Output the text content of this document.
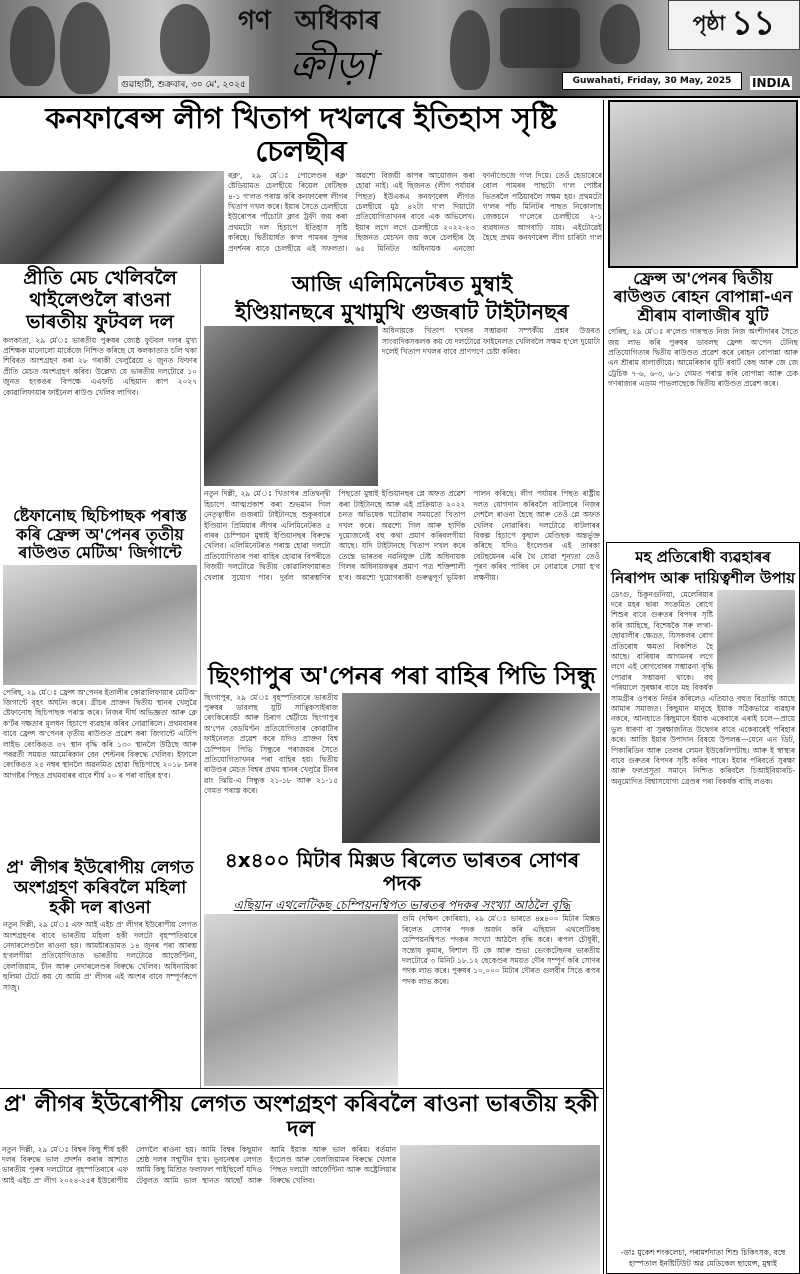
গণ অধিকাৰ
ক্ৰীড়া
গুৱাহাটী, শুক্ৰবাৰ, ৩০ মে', ২০২৫
পৃষ্ঠা ১১
Guwahati, Friday, 30 May, 2025	INDIA
কনফাৰেন্স লীগ খিতাপ দখলৰে ইতিহাস সৃষ্টি চেলছীৰ
ৰক্ল', ২৯ মে'ঃ পোলেণ্ডৰ ৰক্ল' ষ্টেডিয়ামত চেলছীয়ে ৰিয়েল বেটিছক ৪-১ গ'লত পৰাস্ত কৰি কনফাৰেন্স লীগৰ খিতাপ দখল কৰে। ইয়াৰ সৈতে চেলছীয়ে ইউৰোপৰ পাঁচোটা ক্লাব ট্ৰফী জয় কৰা প্ৰথমটো দল হিচাপে ইতিহাস সৃষ্টি কৰিছে। দ্বিতীয়াৰ্ধত ক'ল পামৰৰ সুন্দৰ প্ৰদৰ্শনৰ বাবে চেলছীয়ে এই সফলতা। অৱশ্যে বিজয়ী কাপৰ আয়োজন কৰা হোৱা নাই। এই ছিজনত (লীগ পৰ্যায়ৰ পিছত) ইউএকএ কনফাৰেন্স লীগত চেলছীয়ে মুঠ ৪২টা গ'ল দিয়াটো প্ৰতিযোগিতাখনৰ বাবে এক অভিলেখ। ইয়াৰ লগে লগে চেলছীয়ে ২০২২-২৩ ছিজনত মেচখন জয় কৰে চেলছীৰ হৈ ৬৫ মিনিটত অধিনায়ক এনজো ফাৰ্নাণ্ডেজে গ'ল দিয়ে। তেওঁ হেডাৰেৰে বোল পামৰৰ পাছটো গ'ল পোষ্টৰ ভিতৰলৈ পঠিয়াবলৈ সক্ষম হয়। প্ৰথমটো গ'লৰ পাঁচ মিনিটৰ পাছত নিকোলাছ জেকচনে গ'লেৰে চেলছীয়ে ২-১ ব্যৱধানত আগবাঢ়ি যায়। এইটোৱেই হৈছে প্ৰথম কনফাৰেন্স লীগ চাৰিটা গ'ল
প্ৰীতি মেচ খেলিবলৈ থাইলেণ্ডলৈ ৰাওনা ভাৰতীয় ফুটবল দল
কলকাতা, ২৯ মে'ঃ ভাৰতীয় পুৰুষৰ জ্যেষ্ঠ ফুটবল দলৰ মুখ্য প্ৰশিক্ষক মানোলো মাৰ্কেজে নিশ্চিত কৰিছে যে কলকাতাত চলি থকা শিবিৰত অংশগ্ৰহণ কৰা ২৮ গৰাকী খেলুৱৈয়ে ৪ জুনত ফিফাৰ প্ৰীতি মেচত অংশগ্ৰহণ কৰিব। উল্লেখ্য যে ভাৰতীয় দলটোৱে ১০ জুনত হংকঙৰ বিপক্ষে এএফচি এছিয়ান কাপ ২০২৭ কোৱালিফায়াৰ ফাইনেল ৰাউণ্ড খেলিব লাগিব।
ষ্টেফানোছ ছিচিপাছক পৰাস্ত কৰি ফ্ৰেন্স অ'পেনৰ তৃতীয় ৰাউণ্ডত মেটিঅ' জিগান্টে
পেৰিছ, ২৯ মে'ঃ ফ্ৰেন্স অ'পেনৰ ইতালীৰ কোৱালিফায়াৰ মেটিঅ' জিগান্টে বৃহৎ অঘটন কৰে। গ্ৰীচৰ প্ৰাক্তন দ্বিতীয় স্থানৰ খেলুৱৈ ষ্টেফানোছ ছিচিপাছক পৰাস্ত কৰে। নিজৰ দীৰ্ঘ অভিজ্ঞতা আৰু ক্লে ক'ৰ্টৰ দক্ষতাৰ মূলধন হিচাপে ব্যৱহাৰ কৰিব নোৱাৰিলে। প্ৰথমবাৰৰ বাবে ফ্ৰেন্স অ'পেনৰ তৃতীয় ৰাউণ্ডত প্ৰৱেশ কৰা জিগান্টে এটিপি লাইভ ৰেংকিঙত ৩৭ স্থান বৃদ্ধি কৰি ১৩০ স্থানলৈ উঠিছে আৰু পৰৱৰ্তী সময়ত আমেৰিকান বেন শেল্টনৰ বিৰুদ্ধে খেলিব। ইফালে ৰেংকিঙত ২৫ নম্বৰ স্থানলৈ অৱনমিত হোৱা ছিচিপাছে ২০১৮ চনৰ আগষ্টৰ পিছত প্ৰথমবাৰৰ বাবে শীৰ্ষ ২০ ৰ পৰা বাহিৰ হ'ব।
প্ৰ' লীগৰ ইউৰোপীয় লেগত অংশগ্ৰহণ কৰিবলৈ মহিলা হকী দল ৰাওনা
নতুন দিল্লী, ২৯ মে'ঃ এফ আই এইচ প্ৰ' লীগৰ ইউৰোপীয় লেগত অংশগ্ৰহণৰ বাবে ভাৰতীয় মহিলা হকী দলটো বৃহস্পতিবাৰে নেদাৰলেণ্ডলৈ ৰাওনা হয়। আমষ্টাৰডামত ১৪ জুনৰ পৰা আৰম্ভ হ'বলগীয়া প্ৰতিযোগিতাত ভাৰতীয় দলটোৱে আৰ্জেণ্টিনা, বেলজিয়াম, চীন আৰু নেদাৰলেণ্ডৰ বিৰুদ্ধে খেলিব। অধিনায়িকা ছলিমা টেটে কয় যে আমি প্ৰ' লীগৰ এই অংশৰ বাবে সম্পূৰ্ণৰূপে সাজু।
আজি এলিমিনেটৰত মুম্বাই
ইণ্ডিয়ানছৰে মুখামুখি গুজৰাট টাইটানছৰ
অধিনায়কে খিতাপ দখলৰ সম্ভাৱনা সম্পৰ্কীয় প্ৰশ্নৰ উত্তৰত সাংবাদিকসকলক কয় যে দলটোৱে ফাইনেলত খেলিবলৈ সক্ষম হ'লে দুয়োটা দলেই খিতাপ দখলৰ বাবে প্ৰাণপণে চেষ্টা কৰিব।
নতুন দিল্লী, ২৯ মে'ঃ খিতাপৰ প্ৰতিদ্বন্দ্বী হিচাপে আত্মপ্ৰকাশ কৰা শুভমান গিল নেতৃত্বাধীন গুজৰাট টাইটানছে শুকুৰবাৰে ইণ্ডিয়ান প্ৰিমিয়াৰ লীগৰ এলিমিনেটৰত ৫ বাৰৰ চেম্পিয়ন মুম্বাই ইণ্ডিয়ানছৰ বিৰুদ্ধে খেলিব। এলিমিনেটৰত পৰাস্ত হোৱা দলটো প্ৰতিযোগিতাৰ পৰা বাহিৰ হোৱাৰ বিপৰীতে বিজয়ী দলটোৱে দ্বিতীয় কোৱালিফায়াৰত খেলাৰ সুযোগ পাব। দুৰ্বল আৰম্ভণিৰ পিছতো মুম্বাই ইণ্ডিয়ানছৰ প্লে অফত প্ৰৱেশ কৰা টাইটানছে আৰু এই প্ৰক্ৰিয়াত ২০২২ চনত অভিষেক ঘটোৱাৰ সময়তো খিতাপ দখল কৰে। অৱশ্যে গিল আৰু হাৰ্দিক দুয়োজনেই বহু কথা প্ৰমাণ কৰিবলগীয়া আছে। যদি টাইটানছে খিতাপ দখল কৰে তেন্তে ভাৰতৰ নৱনিযুক্ত টেষ্ট অধিনায়ক গিলৰ অধিনায়কত্বৰ প্ৰমাণ পত্ৰ শক্তিশালী হ'ব। অৱশ্যে দুয়োগৰাকী গুৰুত্বপূৰ্ণ ভূমিকা পালন কৰিছে। লীগ পৰ্যায়ৰ পিছত ৰাষ্ট্ৰীয় দলত যোগদান কৰিবলৈ বাটলাৰে নিজৰ দেশলৈ ৰাওনা হৈছে আৰু তেওঁ প্লে অফত খেলিব নোৱাৰিব। দলটোৱে বাটলাৰৰ বিকল্প হিচাপে কুছাল মেণ্ডিছক অন্তৰ্ভুক্ত কৰিছে যদিও ইংলেণ্ডৰ এই তাৰকা বেটছমেনৰ এৰি থৈ যোৱা শূন্যতা তেওঁ পূৰণ কৰিব পাৰিব নে নোৱাৰে সেয়া হ'ব লক্ষণীয়।
ছিংগাপুৰ অ'পেনৰ পৰা বাহিৰ পিভি সিন্ধু
ছিংগাপুৰ, ২৯ মে'ঃ বৃহস্পতিবাৰে ভাৰতীয় পুৰুষৰ ডাবলছ যুটি সাত্বিকসাইৰাজ ৰেংকিৰেড্ডী আৰু চিৰাগ শ্বেট্টীয়ে ছিংগাপুৰ অ'পেন বেডমিণ্টন প্ৰতিযোগিতাৰ কোৱাৰ্টাৰ ফাইনেলত প্ৰৱেশ কৰে যদিও প্ৰাক্তন বিশ্ব চেম্পিয়ন পিভি সিন্ধুৰে পৰাজয়ৰ সৈতে প্ৰতিযোগিতাখনৰ পৰা বাহিৰ হয়। দ্বিতীয় ৰাউণ্ডৰ মেচত বিশ্বৰ প্ৰথম স্থানৰ খেলুৱৈ চীনৰ ৱাং ঝিয়ি-এ সিন্ধুক ২১-১৮ আৰু ২১-১৫ গেমত পৰাস্ত কৰে।
৪x৪০০ মিটাৰ মিক্সড ৰিলেত ভাৰতৰ সোণৰ পদক
এছিয়ান এথলেটিকছ চেম্পিয়নশ্বিপত ভাৰতৰ পদকৰ সংখ্যা আঠলৈ বৃদ্ধি
গুমি (দক্ষিণ কোৰিয়া), ২৯ মে'ঃ ভাৰতে ৪x৪০০ মিটাৰ মিক্সড ৰিলেত সোণৰ পদক অৰ্জন কৰি এছিয়ান এথলেটিকছ চেম্পিয়নশ্বিপত পদকৰ সংখ্যা আঠলৈ বৃদ্ধি কৰে। ৰূপল চৌধুৰী, সন্তোষ কুমাৰ, বিশাল টি কে আৰু শুভা ভেংকটেছনৰ ভাৰতীয় দলটোৱে ৩ মিনিট ১৮.১২ ছেকেণ্ডৰ সময়ত দৌৰ সম্পূৰ্ণ কৰি সোণৰ পদক লাভ কৰে। পুৰুষৰ ১০,০০০ মিটাৰ দৌৰত গুলবীৰ সিঙে ৰূপৰ পদক লাভ কৰে।
প্ৰ' লীগৰ ইউৰোপীয় লেগত অংশগ্ৰহণ কৰিবলৈ ৰাওনা ভাৰতীয় হকী দল
নতুন দিল্লী, ২৯ মে'ঃ বিশ্বৰ কিছু শীৰ্ষ হকী দলৰ বিৰুদ্ধে ভাল প্ৰদৰ্শন কৰাৰ আশাত ভাৰতীয় পুৰুষ দলটোৱে বৃহস্পতিবাৰে এফ আই এইচ প্ৰ' লীগ ২০২৪-২৫ৰ ইউৰোপীয় লেগলৈ ৰাওনা হয়। আমি বিশ্বৰ কিছুমান শ্ৰেষ্ঠ দলৰ সন্মুখীন হ'ম। ভুবনেশ্বৰ লেগত আমি কিছু মিশ্ৰিত ফলাফল পাইছিলোঁ যদিও টেবুলত আমি ভাল স্থানত আছোঁ আৰু আমি ইয়াক আৰু ভাল কৰিম। বৰ্তমান ইংলেণ্ড আৰু বেলজিয়ামৰ বিৰুদ্ধে খেলাৰ পিছত দলটো আৰ্জেণ্টিনা আৰু অষ্ট্ৰেলিয়াৰ বিৰুদ্ধে খেলিব।
ফ্ৰেন্স অ'পেনৰ দ্বিতীয় ৰাউণ্ডত ৰোহন বোপান্না-এন শ্ৰীৰাম বালাজীৰ যুটি
পেৰিছ, ২৯ মে'ঃ ৰ'লেণ্ড গাৰ'ছত নিজ নিজ অংশীদাৰৰ সৈতে জয় লাভ কৰি পুৰুষৰ ডাবলছ ফ্ৰেন্স অ'পেন টেনিছ প্ৰতিযোগিতাৰ দ্বিতীয় ৰাউণ্ডত প্ৰৱেশ কৰে ৰোহন বোপান্না আৰু এন শ্ৰীৰাম বালাজীয়ে। আমেৰিকাৰ যুটি ৰবাৰ্ট কেছ আৰু জে জে ট্ৰেচিক ৭-৬, ৬-৩, ৬-১ গেমত পৰাস্ত কৰি বোপান্না আৰু চেক গণৰাজ্যৰ এডাম পাভলাছেকে দ্বিতীয় ৰাউণ্ডত প্ৰৱেশ কৰে।
মহ প্ৰতিৰোধী ব্যৱহাৰৰ
নিৰাপদ আৰু দায়িত্বশীল উপায়
ডেংগু, চিকুনগুনিয়া, মেলেৰিয়াৰ দৰে মহৰ দ্বাৰা সংক্ৰমিত ৰোগে শিশুৰ বাবে গুৰুতৰ বিপদৰ সৃষ্টি কৰি আহিছে, বিশেষকৈ সৰু ল'ৰা-ছোৱালীৰ ক্ষেত্ৰত, যিসকলৰ ৰোগ প্ৰতিৰোধ ক্ষমতা বিকশিত হৈ আছে। বাৰিষাৰ আগমনৰ লগে লগে এই ৰোগবোৰৰ সম্ভাৱনা বৃদ্ধি পোৱাৰ সম্ভাৱনা থাকে। বহু পৰিয়ালে সুৰক্ষাৰ বাবে মহ বিকৰ্ষক সামগ্ৰীৰ ওপৰত নিৰ্ভৰ কৰিলেও এতিয়াও বহুত বিভ্ৰান্তি আছে আমাৰ সমাজত। কিছুমান মানুহে ইয়াক সঠিকভাৱে ব্যৱহাৰ নকৰে, আনহাতে কিছুমানে ইয়াক একেবাৰে এৰাই চলে—প্ৰায়ে ভুল ধাৰণা বা সুৰক্ষাজনিত উদ্বেগৰ বাবে একেবাৰেই পৰিহাৰ কৰে। আজি ইয়াৰ উপাদান বিষয়ে উপলব্ধ—যেনে এন ডিট, পিকাৰিডিন আৰু তেলৰ লেমন ইউকেলিপটাছ। আৰু ই স্বাস্থ্যৰ বাবে গুৰুতৰ বিপদৰ সৃষ্টি কৰিব পাৰে। ইয়াৰ পৰিবৰ্তে সুৰক্ষা আৰু ফলপ্ৰসূতা সমানে নিশ্চিত কৰিবলৈ চিআইবিয়াৰচি-অনুমোদিত বিশ্বাসযোগ্য ব্ৰেণ্ডৰ পৰা বিকৰ্ষক বাছি লওক।
-ডাঃ মুকেশ শংকলেচা, পৰামৰ্শদাতা শিশু চিকিৎসক, বম্বে
হাস্পতাল ইনষ্টিটিউট অৱ মেডিকেল ছায়েন্স, মুম্বাই
